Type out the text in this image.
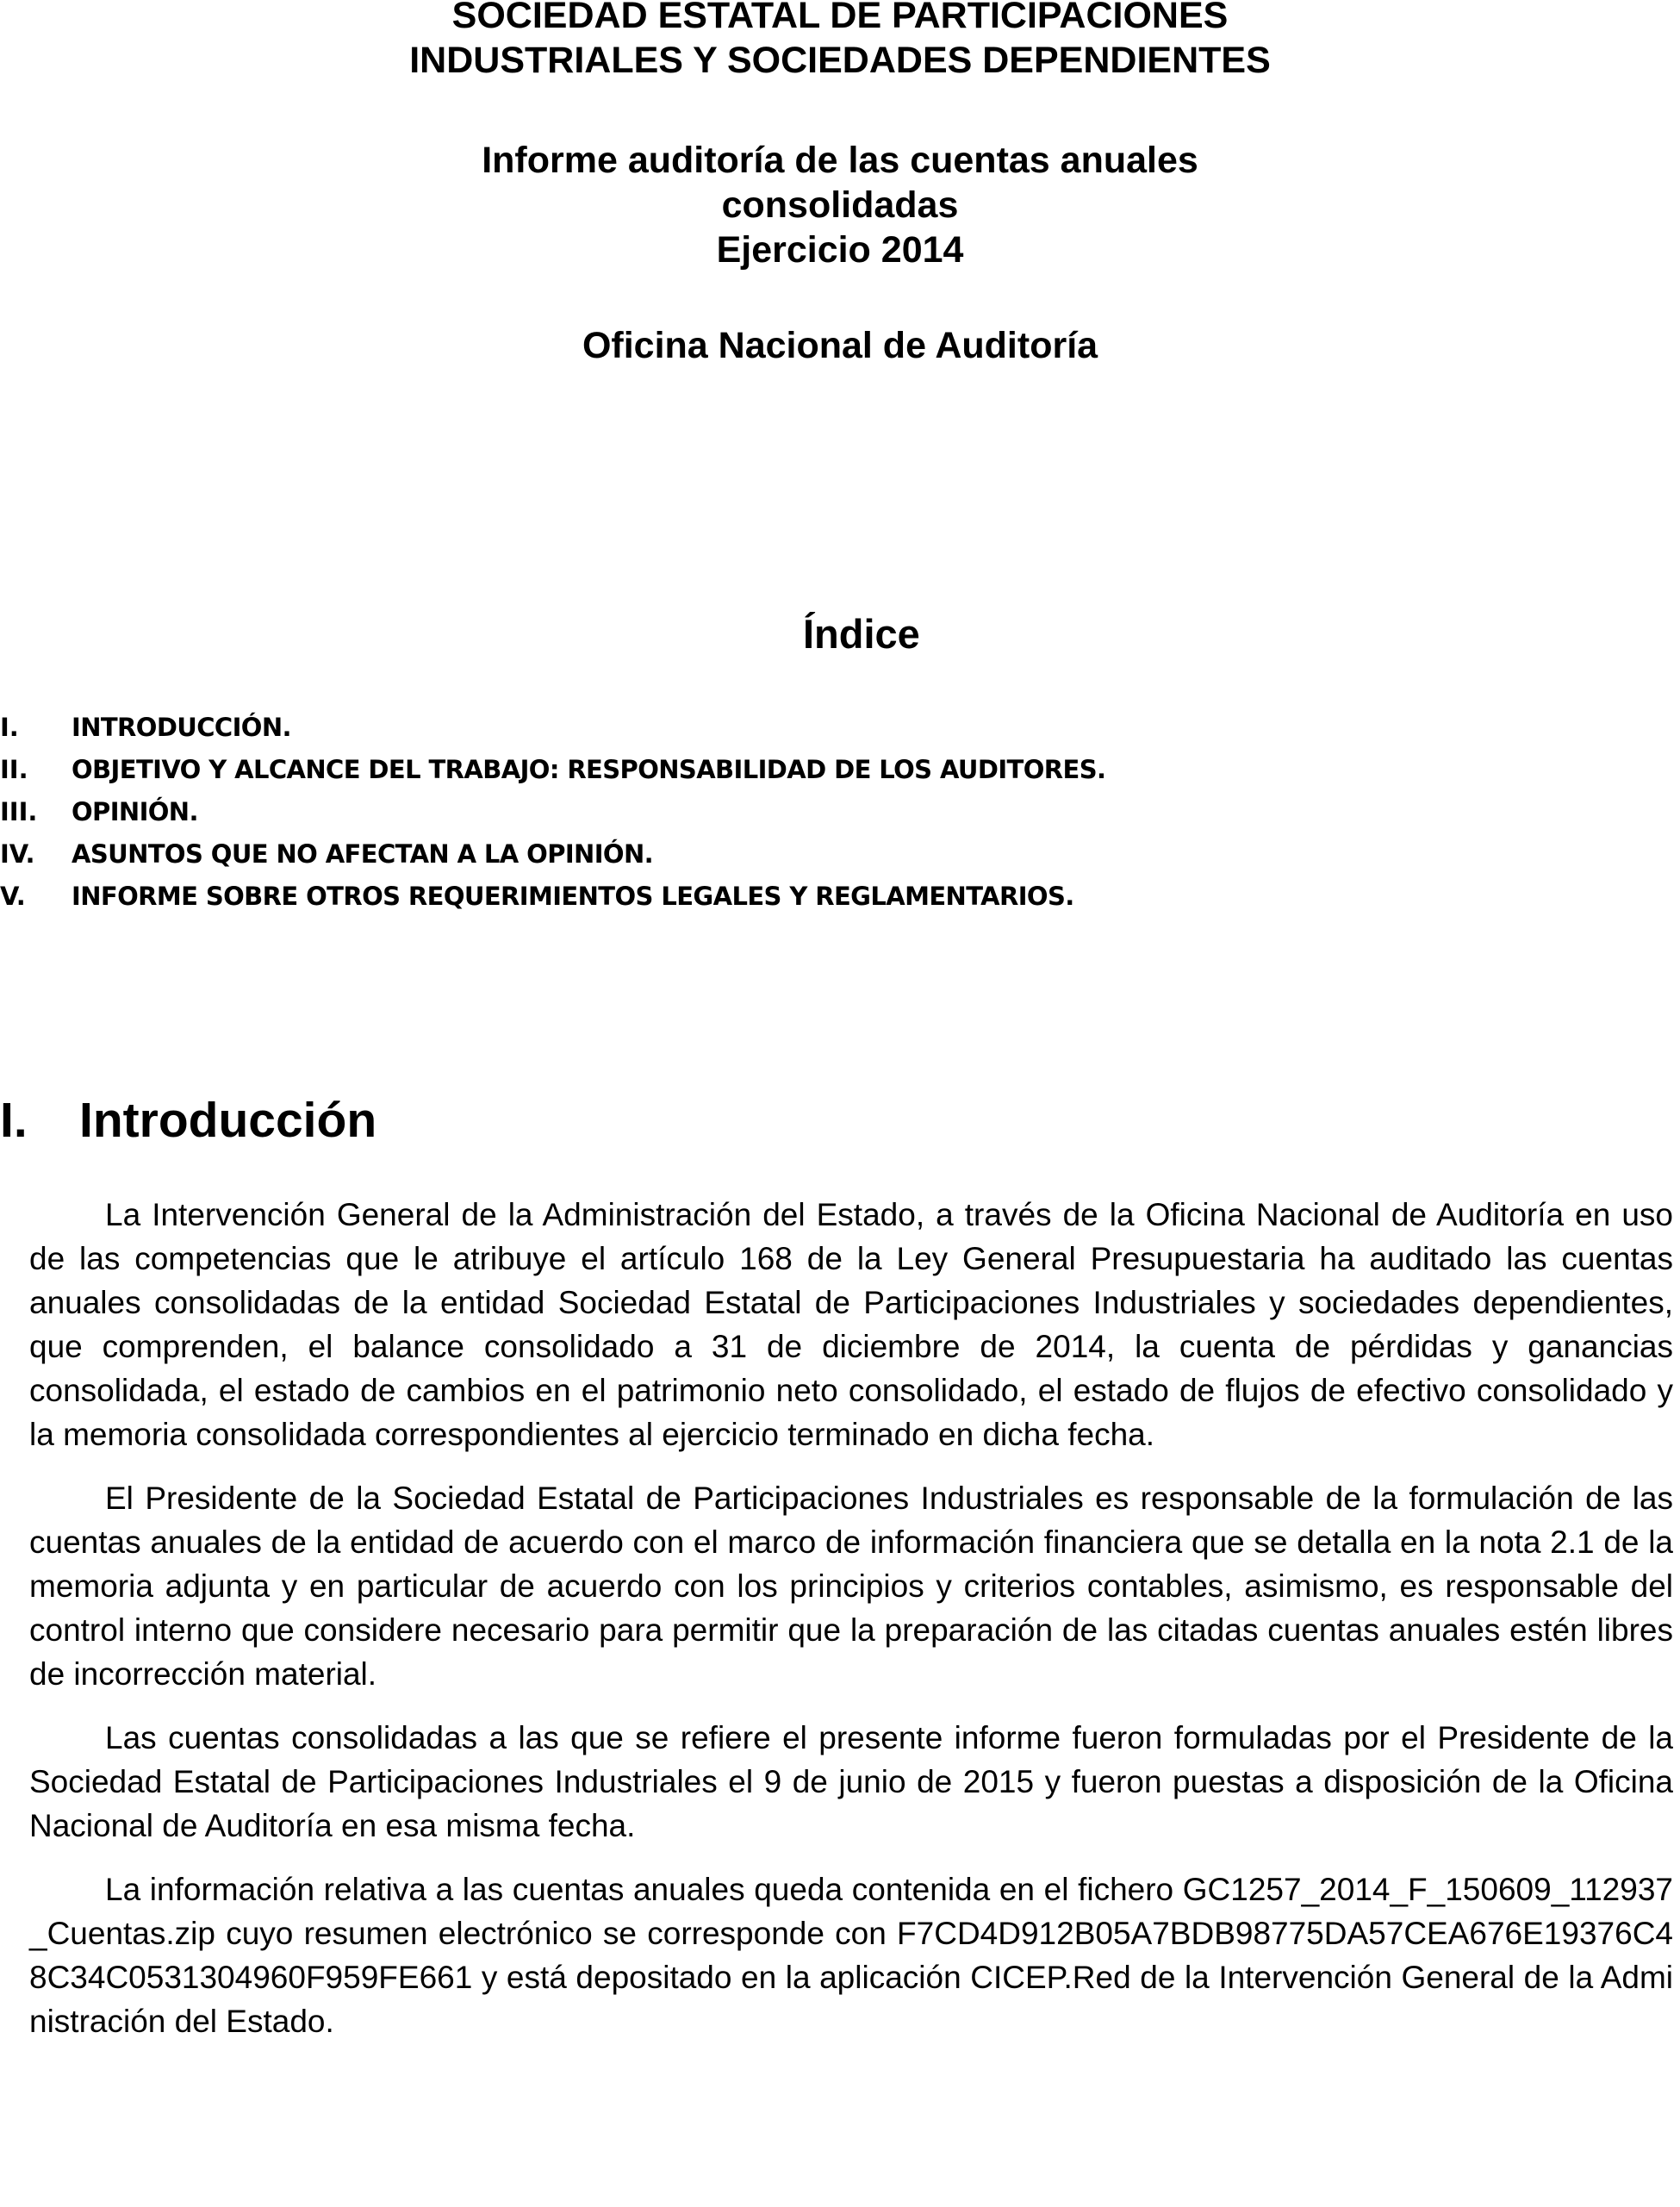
SOCIEDAD ESTATAL DE PARTICIPACIONES
INDUSTRIALES Y SOCIEDADES DEPENDIENTES
Informe auditoría de las cuentas anuales
consolidadas
Ejercicio 2014
Oficina Nacional de Auditoría
Índice
I. INTRODUCCIÓN.
II. OBJETIVO Y ALCANCE DEL TRABAJO: RESPONSABILIDAD DE LOS AUDITORES.
III. OPINIÓN.
IV. ASUNTOS QUE NO AFECTAN A LA OPINIÓN.
V. INFORME SOBRE OTROS REQUERIMIENTOS LEGALES Y REGLAMENTARIOS.
I. Introducción

La Intervención General de la Administración del Estado, a través de la Oficina Nacional de Auditoría en uso de las competencias que le atribuye el artículo 168 de la Ley General Presupuestaria ha auditado las cuentas anuales consolidadas de la entidad Sociedad Estatal de Participaciones Industriales y sociedades dependientes, que comprenden, el balance consolidado a 31 de diciembre de 2014, la cuenta de pérdidas y ganancias consolidada, el estado de cambios en el patrimonio neto consolidado, el estado de flujos de efectivo consolidado y la memoria consolidada correspondientes al ejercicio terminado en dicha fecha.

El Presidente de la Sociedad Estatal de Participaciones Industriales es responsable de la formulación de las cuentas anuales de la entidad de acuerdo con el marco de información financiera que se detalla en la nota 2.1 de la memoria adjunta y en particular de acuerdo con los principios y criterios contables, asimismo, es responsable del control interno que considere necesario para permitir que la preparación de las citadas cuentas anuales estén libres de incorrección material.

Las cuentas consolidadas a las que se refiere el presente informe fueron formuladas por el Presidente de la Sociedad Estatal de Participaciones Industriales el 9 de junio de 2015 y fueron puestas a disposición de la Oficina Nacional de Auditoría en esa misma fecha.

La información relativa a las cuentas anuales queda contenida en el fichero GC1257_2014_F_150609_112937_Cuentas.zip cuyo resumen electrónico se corresponde con F7CD4D912B05A7BDB98775DA57CEA676E19376C48C34C0531304960F959FE661 y está depositado en la aplicación CICEP.Red de la Intervención General de la Administración del Estado.
